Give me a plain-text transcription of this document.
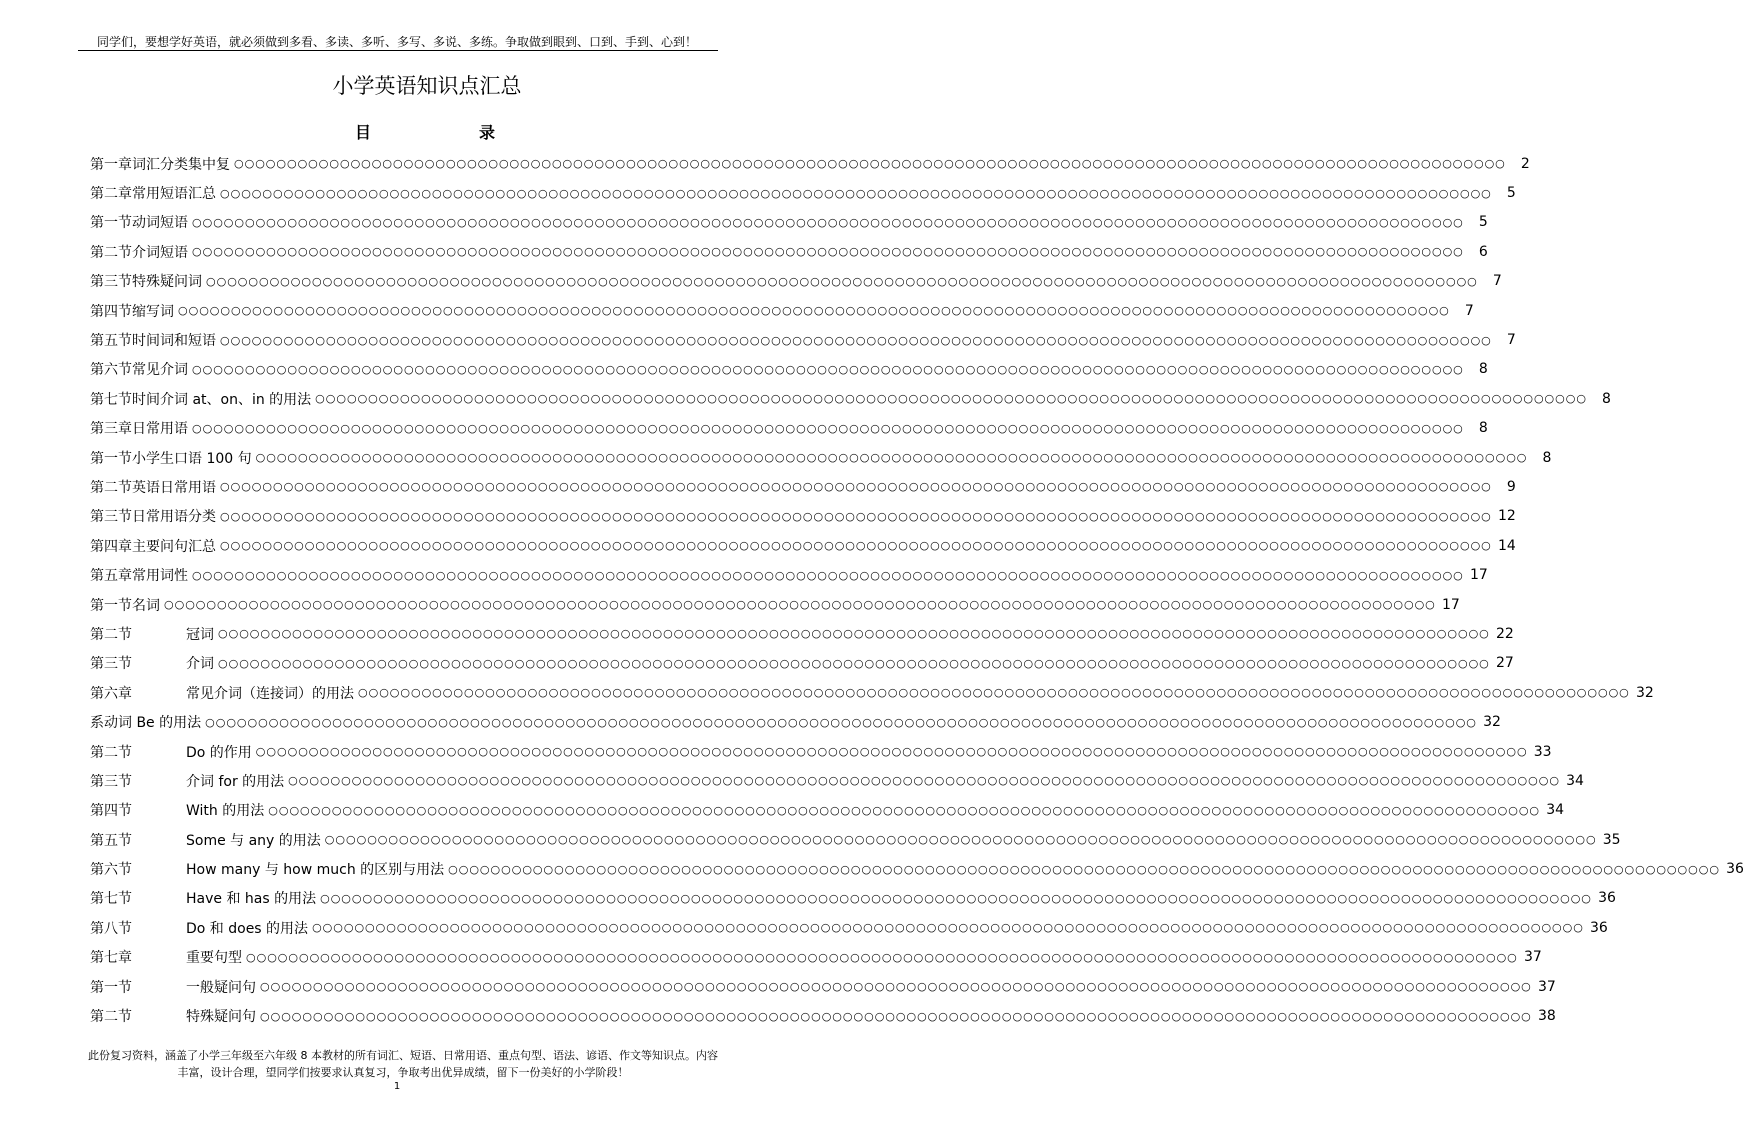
同学们，要想学好英语，就必须做到多看、多读、多听、多写、多说、多练。争取做到眼到、口到、手到、心到！
小学英语知识点汇总
目	录
第一章词汇分类集中复 ○○○○○○○○○○○○○○○○○○○○○○○○○○○○○○○○○○○○○○○○○○○○○○○○○○○○○○○○○○○○○○○○○○○○○○○○○○○○○○○○○○○○○○○○○○○○○○○○○○○○○○○○○○○○○○○○○○○○○○○○	2
第二章常用短语汇总 ○○○○○○○○○○○○○○○○○○○○○○○○○○○○○○○○○○○○○○○○○○○○○○○○○○○○○○○○○○○○○○○○○○○○○○○○○○○○○○○○○○○○○○○○○○○○○○○○○○○○○○○○○○○○○○○○○○○○○○○○	5
第一节动词短语 ○○○○○○○○○○○○○○○○○○○○○○○○○○○○○○○○○○○○○○○○○○○○○○○○○○○○○○○○○○○○○○○○○○○○○○○○○○○○○○○○○○○○○○○○○○○○○○○○○○○○○○○○○○○○○○○○○○○○○○○○	5
第二节介词短语 ○○○○○○○○○○○○○○○○○○○○○○○○○○○○○○○○○○○○○○○○○○○○○○○○○○○○○○○○○○○○○○○○○○○○○○○○○○○○○○○○○○○○○○○○○○○○○○○○○○○○○○○○○○○○○○○○○○○○○○○○	6
第三节特殊疑问词 ○○○○○○○○○○○○○○○○○○○○○○○○○○○○○○○○○○○○○○○○○○○○○○○○○○○○○○○○○○○○○○○○○○○○○○○○○○○○○○○○○○○○○○○○○○○○○○○○○○○○○○○○○○○○○○○○○○○○○○○○	7
第四节缩写词 ○○○○○○○○○○○○○○○○○○○○○○○○○○○○○○○○○○○○○○○○○○○○○○○○○○○○○○○○○○○○○○○○○○○○○○○○○○○○○○○○○○○○○○○○○○○○○○○○○○○○○○○○○○○○○○○○○○○○○○○○	7
第五节时间词和短语 ○○○○○○○○○○○○○○○○○○○○○○○○○○○○○○○○○○○○○○○○○○○○○○○○○○○○○○○○○○○○○○○○○○○○○○○○○○○○○○○○○○○○○○○○○○○○○○○○○○○○○○○○○○○○○○○○○○○○○○○○	7
第六节常见介词 ○○○○○○○○○○○○○○○○○○○○○○○○○○○○○○○○○○○○○○○○○○○○○○○○○○○○○○○○○○○○○○○○○○○○○○○○○○○○○○○○○○○○○○○○○○○○○○○○○○○○○○○○○○○○○○○○○○○○○○○○	8
第七节时间介词 at、on、in 的用法 ○○○○○○○○○○○○○○○○○○○○○○○○○○○○○○○○○○○○○○○○○○○○○○○○○○○○○○○○○○○○○○○○○○○○○○○○○○○○○○○○○○○○○○○○○○○○○○○○○○○○○○○○○○○○○○○○○○○○○○○○	8
第三章日常用语 ○○○○○○○○○○○○○○○○○○○○○○○○○○○○○○○○○○○○○○○○○○○○○○○○○○○○○○○○○○○○○○○○○○○○○○○○○○○○○○○○○○○○○○○○○○○○○○○○○○○○○○○○○○○○○○○○○○○○○○○○	8
第一节小学生口语 100 句 ○○○○○○○○○○○○○○○○○○○○○○○○○○○○○○○○○○○○○○○○○○○○○○○○○○○○○○○○○○○○○○○○○○○○○○○○○○○○○○○○○○○○○○○○○○○○○○○○○○○○○○○○○○○○○○○○○○○○○○○○	8
第二节英语日常用语 ○○○○○○○○○○○○○○○○○○○○○○○○○○○○○○○○○○○○○○○○○○○○○○○○○○○○○○○○○○○○○○○○○○○○○○○○○○○○○○○○○○○○○○○○○○○○○○○○○○○○○○○○○○○○○○○○○○○○○○○○	9
第三节日常用语分类 ○○○○○○○○○○○○○○○○○○○○○○○○○○○○○○○○○○○○○○○○○○○○○○○○○○○○○○○○○○○○○○○○○○○○○○○○○○○○○○○○○○○○○○○○○○○○○○○○○○○○○○○○○○○○○○○○○○○○○○○○ 12
第四章主要问句汇总 ○○○○○○○○○○○○○○○○○○○○○○○○○○○○○○○○○○○○○○○○○○○○○○○○○○○○○○○○○○○○○○○○○○○○○○○○○○○○○○○○○○○○○○○○○○○○○○○○○○○○○○○○○○○○○○○○○○○○○○○○ 14
第五章常用词性 ○○○○○○○○○○○○○○○○○○○○○○○○○○○○○○○○○○○○○○○○○○○○○○○○○○○○○○○○○○○○○○○○○○○○○○○○○○○○○○○○○○○○○○○○○○○○○○○○○○○○○○○○○○○○○○○○○○○○○○○○ 17
第一节名词 ○○○○○○○○○○○○○○○○○○○○○○○○○○○○○○○○○○○○○○○○○○○○○○○○○○○○○○○○○○○○○○○○○○○○○○○○○○○○○○○○○○○○○○○○○○○○○○○○○○○○○○○○○○○○○○○○○○○○○○○○ 17
第二节	冠词 ○○○○○○○○○○○○○○○○○○○○○○○○○○○○○○○○○○○○○○○○○○○○○○○○○○○○○○○○○○○○○○○○○○○○○○○○○○○○○○○○○○○○○○○○○○○○○○○○○○○○○○○○○○○○○○○○○○○○○○○○ 22
第三节	介词 ○○○○○○○○○○○○○○○○○○○○○○○○○○○○○○○○○○○○○○○○○○○○○○○○○○○○○○○○○○○○○○○○○○○○○○○○○○○○○○○○○○○○○○○○○○○○○○○○○○○○○○○○○○○○○○○○○○○○○○○○ 27
第六章	常见介词（连接词）的用法 ○○○○○○○○○○○○○○○○○○○○○○○○○○○○○○○○○○○○○○○○○○○○○○○○○○○○○○○○○○○○○○○○○○○○○○○○○○○○○○○○○○○○○○○○○○○○○○○○○○○○○○○○○○○○○○○○○○○○○○○○ 32
系动词 Be 的用法 ○○○○○○○○○○○○○○○○○○○○○○○○○○○○○○○○○○○○○○○○○○○○○○○○○○○○○○○○○○○○○○○○○○○○○○○○○○○○○○○○○○○○○○○○○○○○○○○○○○○○○○○○○○○○○○○○○○○○○○○○ 32
第二节	Do 的作用 ○○○○○○○○○○○○○○○○○○○○○○○○○○○○○○○○○○○○○○○○○○○○○○○○○○○○○○○○○○○○○○○○○○○○○○○○○○○○○○○○○○○○○○○○○○○○○○○○○○○○○○○○○○○○○○○○○○○○○○○○ 33
第三节	介词 for 的用法 ○○○○○○○○○○○○○○○○○○○○○○○○○○○○○○○○○○○○○○○○○○○○○○○○○○○○○○○○○○○○○○○○○○○○○○○○○○○○○○○○○○○○○○○○○○○○○○○○○○○○○○○○○○○○○○○○○○○○○○○○ 34
第四节	With 的用法 ○○○○○○○○○○○○○○○○○○○○○○○○○○○○○○○○○○○○○○○○○○○○○○○○○○○○○○○○○○○○○○○○○○○○○○○○○○○○○○○○○○○○○○○○○○○○○○○○○○○○○○○○○○○○○○○○○○○○○○○○ 34
第五节	Some 与 any 的用法 ○○○○○○○○○○○○○○○○○○○○○○○○○○○○○○○○○○○○○○○○○○○○○○○○○○○○○○○○○○○○○○○○○○○○○○○○○○○○○○○○○○○○○○○○○○○○○○○○○○○○○○○○○○○○○○○○○○○○○○○○ 35
第六节	How many 与 how much 的区别与用法 ○○○○○○○○○○○○○○○○○○○○○○○○○○○○○○○○○○○○○○○○○○○○○○○○○○○○○○○○○○○○○○○○○○○○○○○○○○○○○○○○○○○○○○○○○○○○○○○○○○○○○○○○○○○○○○○○○○○○○○○○ 36
第七节	Have 和 has 的用法 ○○○○○○○○○○○○○○○○○○○○○○○○○○○○○○○○○○○○○○○○○○○○○○○○○○○○○○○○○○○○○○○○○○○○○○○○○○○○○○○○○○○○○○○○○○○○○○○○○○○○○○○○○○○○○○○○○○○○○○○○ 36
第八节	Do 和 does 的用法 ○○○○○○○○○○○○○○○○○○○○○○○○○○○○○○○○○○○○○○○○○○○○○○○○○○○○○○○○○○○○○○○○○○○○○○○○○○○○○○○○○○○○○○○○○○○○○○○○○○○○○○○○○○○○○○○○○○○○○○○○ 36
第七章	重要句型 ○○○○○○○○○○○○○○○○○○○○○○○○○○○○○○○○○○○○○○○○○○○○○○○○○○○○○○○○○○○○○○○○○○○○○○○○○○○○○○○○○○○○○○○○○○○○○○○○○○○○○○○○○○○○○○○○○○○○○○○○ 37
第一节	一般疑问句 ○○○○○○○○○○○○○○○○○○○○○○○○○○○○○○○○○○○○○○○○○○○○○○○○○○○○○○○○○○○○○○○○○○○○○○○○○○○○○○○○○○○○○○○○○○○○○○○○○○○○○○○○○○○○○○○○○○○○○○○○ 37
第二节	特殊疑问句 ○○○○○○○○○○○○○○○○○○○○○○○○○○○○○○○○○○○○○○○○○○○○○○○○○○○○○○○○○○○○○○○○○○○○○○○○○○○○○○○○○○○○○○○○○○○○○○○○○○○○○○○○○○○○○○○○○○○○○○○○ 38
此份复习资料，涵盖了小学三年级至六年级 8 本教材的所有词汇、短语、日常用语、重点句型、语法、谚语、作文等知识点。内容丰富，设计合理，望同学们按要求认真复习，争取考出优异成绩，留下一份美好的小学阶段！
1
